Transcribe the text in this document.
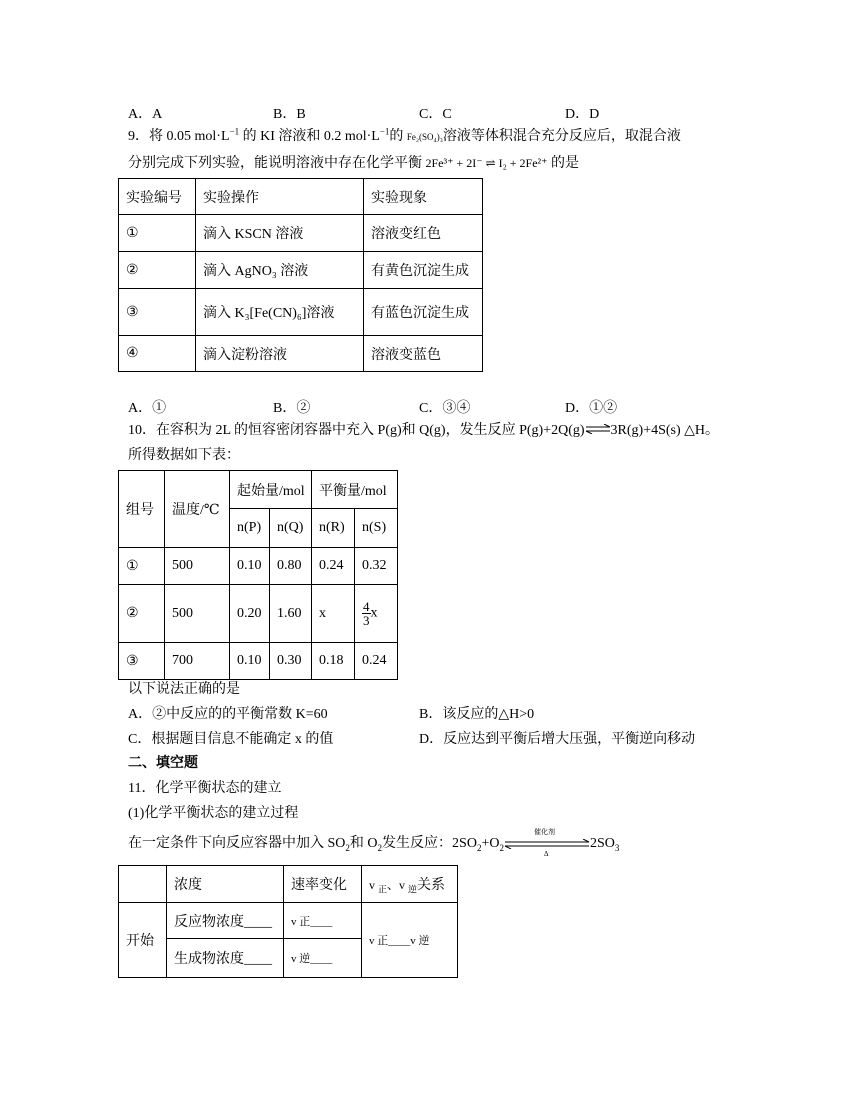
A．A	B．B	C．C	D．D
9．将 0.05 $mol\cdot L^{-1}$ 的 KI 溶液和 0.2 $mol\cdot L^{-1}$的 Fe₂(SO₄)₃溶液等体积混合充分反应后，取混合液
分别完成下列实验，能说明溶液中存在化学平衡 2Fe³⁺ + 2I⁻ ⇌ I₂ + 2Fe²⁺ 的是
实验编号	实验操作	实验现象
①	滴入 KSCN 溶液	溶液变红色
②	滴入 AgNO₃ 溶液	有黄色沉淀生成
③	滴入 K₃[Fe(CN)₆]溶液	有蓝色沉淀生成
④	滴入淀粉溶液	溶液变蓝色
A．①	B．②	C．③④	D．①②
10．在容积为 2L 的恒容密闭容器中充入 P(g)和 Q(g)，发生反应 P(g)+2Q(g)⇌3R(g)+4S(s) △H。
所得数据如下表：
组号	温度/℃	起始量/mol		平衡量/mol	
		n(P)	n(Q)	n(R)	n(S)
①	500	0.10	0.80	0.24	0.32
②	500	0.20	1.60	x	$\frac{4}{3}$ x
③	700	0.10	0.30	0.18	0.24
以下说法正确的是
A．②中反应的的平衡常数 K=60	B．该反应的△H>0
C．根据题目信息不能确定 x 的值	D．反应达到平衡后增大压强，平衡逆向移动
二、填空题
11．化学平衡状态的建立
(1)化学平衡状态的建立过程
在一定条件下向反应容器中加入 $SO_2$和 $O_2$发生反应：$2SO_2+O_2$
催化剂
Δ
$2SO_3$
	浓度	速率变化	v $_正$、v $_逆$关系
开始	反应物浓度____	v 正____	v 正____v 逆
	生成物浓度____	v 逆____	
